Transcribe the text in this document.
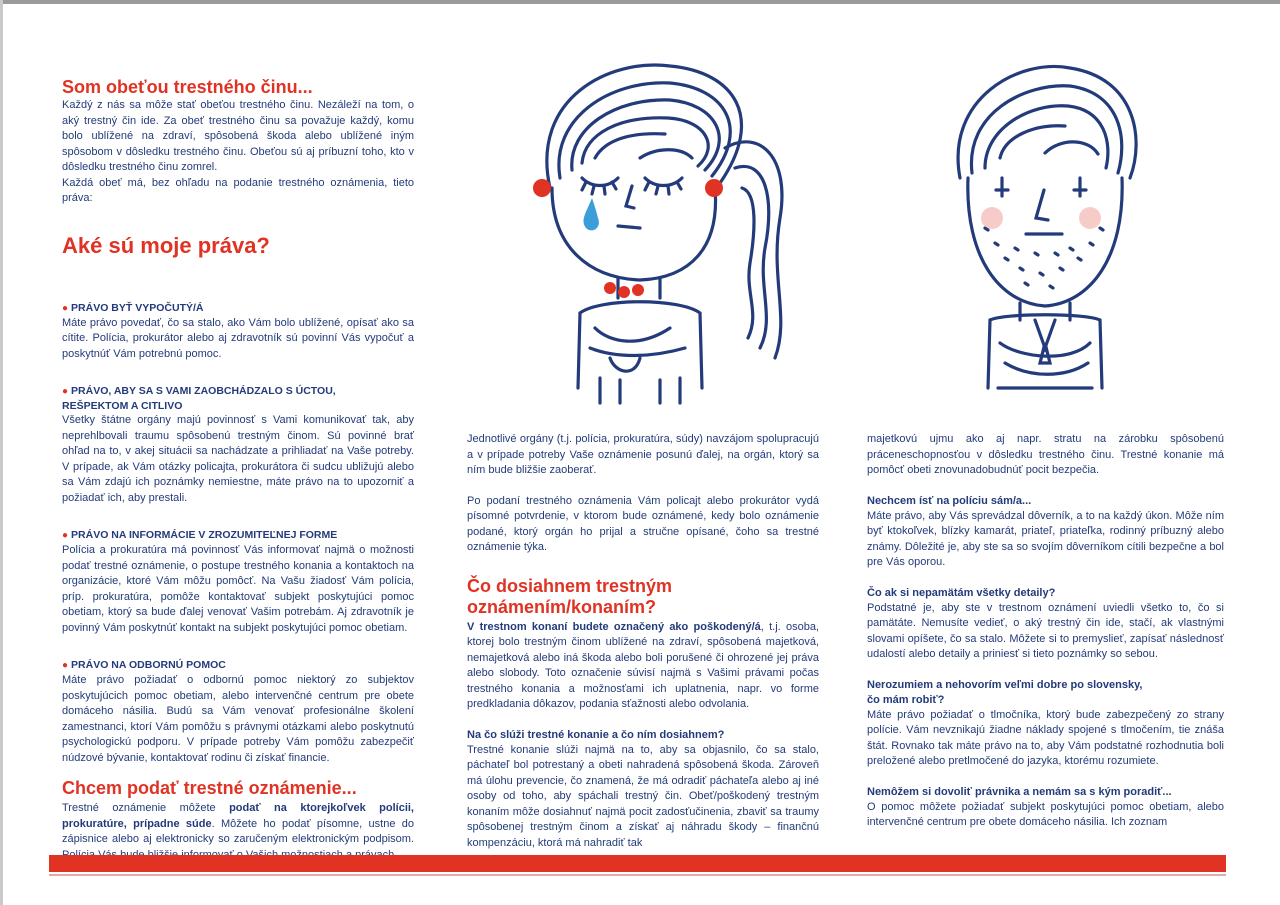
Som obeťou trestného činu...

Každý z nás sa môže stať obeťou trestného činu. Nezáleží na tom, o aký trestný čin ide. Za obeť trestného činu sa považuje každý, komu bolo ublížené na zdraví, spôsobená škoda alebo ublížené iným spôsobom v dôsledku trestného činu. Obeťou sú aj príbuzní toho, kto v dôsledku trestného činu zomrel.

Každá obeť má, bez ohľadu na podanie trestného oznámenia, tieto práva:

Aké sú moje práva?
● PRÁVO BYŤ VYPOČUTÝ/Á

Máte právo povedať, čo sa stalo, ako Vám bolo ublížené, opísať ako sa cítite. Polícia, prokurátor alebo aj zdravotník sú povinní Vás vypočuť a poskytnúť Vám potrebnú pomoc.

● PRÁVO, ABY SA S VAMI ZAOBCHÁDZALO S ÚCTOU,
REŠPEKTOM A CITLIVO

Všetky štátne orgány majú povinnosť s Vami komunikovať tak, aby neprehlbovali traumu spôsobenú trestným činom. Sú povinné brať ohľad na to, v akej situácii sa nachádzate a prihliadať na Vaše potreby. V prípade, ak Vám otázky policajta, prokurátora či sudcu ubližujú alebo sa Vám zdajú ich poznámky nemiestne, máte právo na to upozorniť a požiadať ich, aby prestali.

● PRÁVO NA INFORMÁCIE V ZROZUMITEĽNEJ FORME

Polícia a prokuratúra má povinnosť Vás informovať najmä o možnosti podať trestné oznámenie, o postupe trestného konania a kontaktoch na organizácie, ktoré Vám môžu pomôcť. Na Vašu žiadosť Vám polícia, príp. prokuratúra, pomôže kontaktovať subjekt poskytujúci pomoc obetiam, ktorý sa bude ďalej venovať Vašim potrebám. Aj zdravotník je povinný Vám poskytnúť kontakt na subjekt poskytujúci pomoc obetiam.

● PRÁVO NA ODBORNÚ POMOC

Máte právo požiadať o odbornú pomoc niektorý zo subjektov poskytujúcich pomoc obetiam, alebo intervenčné centrum pre obete domáceho násilia. Budú sa Vám venovať profesionálne školení zamestnanci, ktorí Vám pomôžu s právnymi otázkami alebo poskytnutú psychologickú podporu. V prípade potreby Vám pomôžu zabezpečiť núdzové bývanie, kontaktovať rodinu či získať financie.

Chcem podať trestné oznámenie...

Trestné oznámenie môžete podať na ktorejkoľvek polícii, prokuratúre, prípadne súde. Môžete ho podať písomne, ustne do zápisnice alebo aj elektronicky so zaručeným elektronickým podpisom.

Jednotlivé orgány (t.j. polícia, prokuratúra, súdy) navzájom spolupracujú a v prípade potreby Vaše oznámenie posunú ďalej, na orgán, ktorý sa ním bude bližšie zaoberať.

Po podaní trestného oznámenia Vám policajt alebo prokurátor vydá písomné potvrdenie, v ktorom bude oznámené, kedy bolo oznámenie podané, ktorý orgán ho prijal a stručne opísané, čoho sa trestné oznámenie týka.

Čo dosiahnem trestným oznámením/konaním?

V trestnom konaní budete označený ako poškodený/á, t.j. osoba, ktorej bolo trestným činom ublížené na zdraví, spôsobená majetková, nemajetková alebo iná škoda alebo boli porušené či ohrozené jej práva alebo slobody. Toto označenie súvisí najmä s Vašimi právami počas trestného konania a možnosťami ich uplatnenia, napr. vo forme predkladania dôkazov, podania sťažnosti alebo odvolania.

Na čo slúži trestné konanie a čo ním dosiahnem?

Trestné konanie slúži najmä na to, aby sa objasnilo, čo sa stalo, páchateľ bol potrestaný a obeti nahradená spôsobená škoda. Zároveň má úlohu prevencie, čo znamená, že má odradiť páchateľa alebo aj iné osoby od toho, aby spáchali trestný čin. Obeť/poškodený trestným konaním môže dosiahnuť najmä pocit zadosťučinenia, zbaviť sa traumy spôsobenej trestným činom a získať aj náhradu škody – finančnú kompenzáciu, ktorá má nahradiť tak

majetkovú ujmu ako aj napr. stratu na zárobku spôsobenú práceneschopnosťou v dôsledku trestného činu. Trestné konanie má pomôcť obeti znovunadobudnúť pocit bezpečia.

Nechcem ísť na políciu sám/a...

Máte právo, aby Vás sprevádzal dôverník, a to na každý úkon. Môže ním byť ktokoľvek, blízky kamarát, priateľ, priateľka, rodinný príbuzný alebo známy. Dôležité je, aby ste sa so svojím dôverníkom cítili bezpečne a bol pre Vás oporou.

Čo ak si nepamätám všetky detaily?

Podstatné je, aby ste v trestnom oznámení uviedli všetko to, čo si pamätáte. Nemusíte vedieť, o aký trestný čin ide, stačí, ak vlastnými slovami opíšete, čo sa stalo. Môžete si to premyslieť, zapísať následnosť udalostí alebo detaily a priniesť si tieto poznámky so sebou.

Nerozumiem a nehovorím veľmi dobre po slovensky,
čo mám robiť?

Máte právo požiadať o tlmočníka, ktorý bude zabezpečený zo strany polície. Vám nevznikajú žiadne náklady spojené s tlmočením, tie znáša štát. Rovnako tak máte právo na to, aby Vám podstatné rozhodnutia boli preložené alebo pretlmočené do jazyka, ktorému rozumiete.

Nemôžem si dovoliť právnika a nemám sa s kým poradiť...

O pomoc môžete požiadať subjekt poskytujúci pomoc obetiam, alebo intervenčné centrum pre obete domáceho násilia. Ich zoznam
